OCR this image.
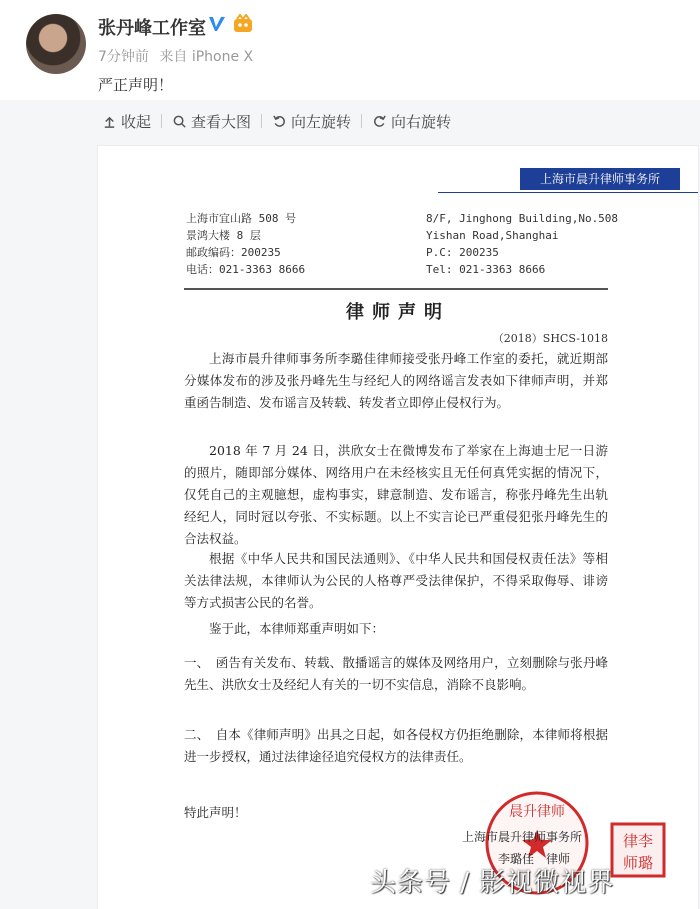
张丹峰工作室
7分钟前 来自 iPhone X
严正声明！
收起	查看大图	向左旋转	向右旋转
上海市晨升律师事务所
上海市宜山路 508 号
景鸿大楼 8 层
邮政编码：200235
电话：021-3363 8666
8/F, Jinghong Building,No.508
Yishan Road,Shanghai
P.C: 200235
Tel: 021-3363 8666
律师声明
（2018）SHCS-1018
上海市晨升律师事务所李璐佳律师接受张丹峰工作室的委托，就近期部分媒体发布的涉及张丹峰先生与经纪人的网络谣言发表如下律师声明，并郑重函告制造、发布谣言及转载、转发者立即停止侵权行为。
2018 年 7 月 24 日，洪欣女士在微博发布了举家在上海迪士尼一日游的照片，随即部分媒体、网络用户在未经核实且无任何真凭实据的情况下，仅凭自己的主观臆想，虚构事实，肆意制造、发布谣言，称张丹峰先生出轨经纪人，同时冠以夸张、不实标题。以上不实言论已严重侵犯张丹峰先生的合法权益。
根据《中华人民共和国民法通则》、《中华人民共和国侵权责任法》等相关法律法规，本律师认为公民的人格尊严受法律保护，不得采取侮辱、诽谤等方式损害公民的名誉。
鉴于此，本律师郑重声明如下：
一、　函告有关发布、转载、散播谣言的媒体及网络用户，立刻删除与张丹峰先生、洪欣女士及经纪人有关的一切不实信息，消除不良影响。
二、　自本《律师声明》出具之日起，如各侵权方仍拒绝删除，本律师将根据进一步授权，通过法律途径追究侵权方的法律责任。
特此声明！	晨升律师
上海市晨升律师事务所
李璐佳　律师
律李
师璐
头条号 / 影视微视界
